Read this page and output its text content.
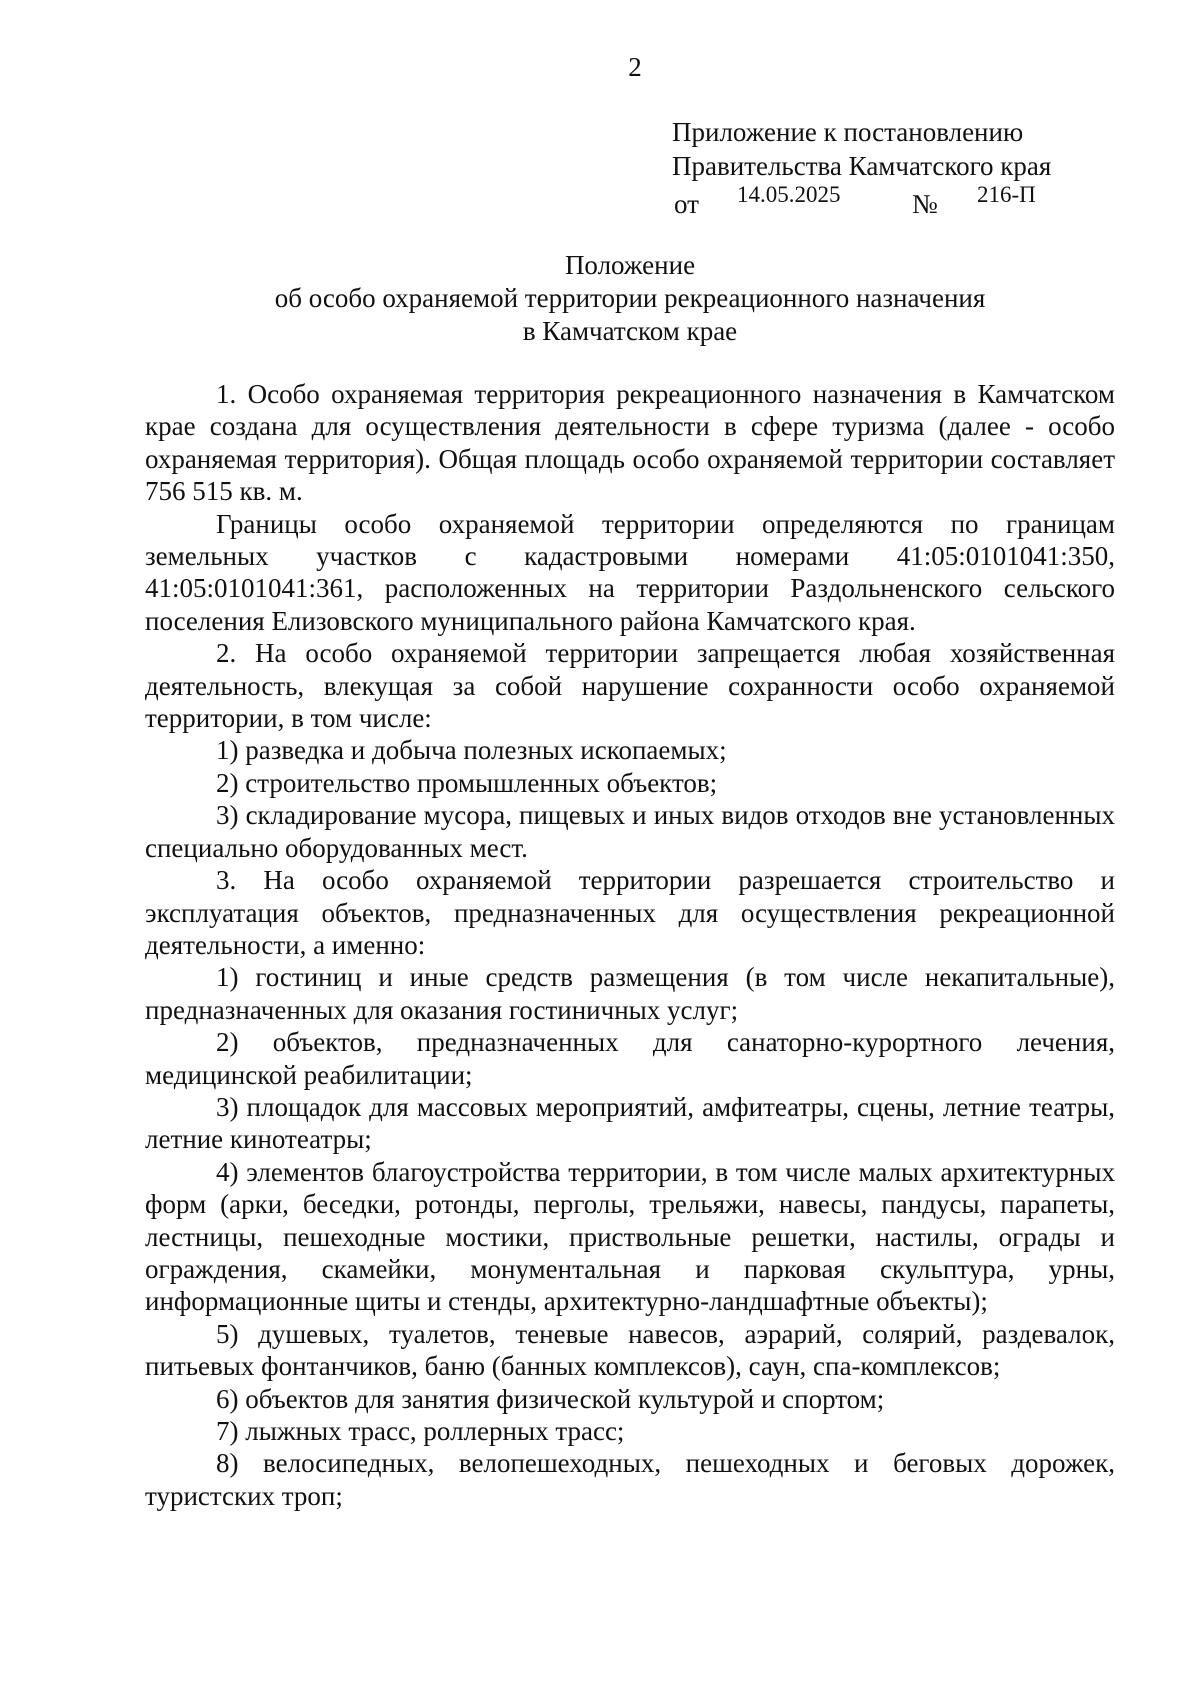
2
Приложение к постановлению
Правительства Камчатского края
от 14.05.2025	№ 216-П
Положение
об особо охраняемой территории рекреационного назначения
в Камчатском крае

1. Особо охраняемая территория рекреационного назначения в Камчатском крае создана для осуществления деятельности в сфере туризма (далее - особо охраняемая территория). Общая площадь особо охраняемой территории составляет 756 515 кв. м.

Границы особо охраняемой территории определяются по границам земельных участков с кадастровыми номерами 41:05:0101041:350, 41:05:0101041:361, расположенных на территории Раздольненского сельского поселения Елизовского муниципального района Камчатского края.

2. На особо охраняемой территории запрещается любая хозяйственная деятельность, влекущая за собой нарушение сохранности особо охраняемой территории, в том числе:

1) разведка и добыча полезных ископаемых;

2) строительство промышленных объектов;

3) складирование мусора, пищевых и иных видов отходов вне установленных специально оборудованных мест.

3. На особо охраняемой территории разрешается строительство и эксплуатация объектов, предназначенных для осуществления рекреационной деятельности, а именно:

1) гостиниц и иные средств размещения (в том числе некапитальные), предназначенных для оказания гостиничных услуг;

2) объектов, предназначенных для санаторно-курортного лечения, медицинской реабилитации;

3) площадок для массовых мероприятий, амфитеатры, сцены, летние театры, летние кинотеатры;

4) элементов благоустройства территории, в том числе малых архитектурных форм (арки, беседки, ротонды, перголы, трельяжи, навесы, пандусы, парапеты, лестницы, пешеходные мостики, приствольные решетки, настилы, ограды и ограждения, скамейки, монументальная и парковая скульптура, урны, информационные щиты и стенды, архитектурно-ландшафтные объекты);

5) душевых, туалетов, теневые навесов, аэрарий, солярий, раздевалок, питьевых фонтанчиков, баню (банных комплексов), саун, спа-комплексов;

6) объектов для занятия физической культурой и спортом;

7) лыжных трасс, роллерных трасс;

8) велосипедных, велопешеходных, пешеходных и беговых дорожек, туристских троп;
